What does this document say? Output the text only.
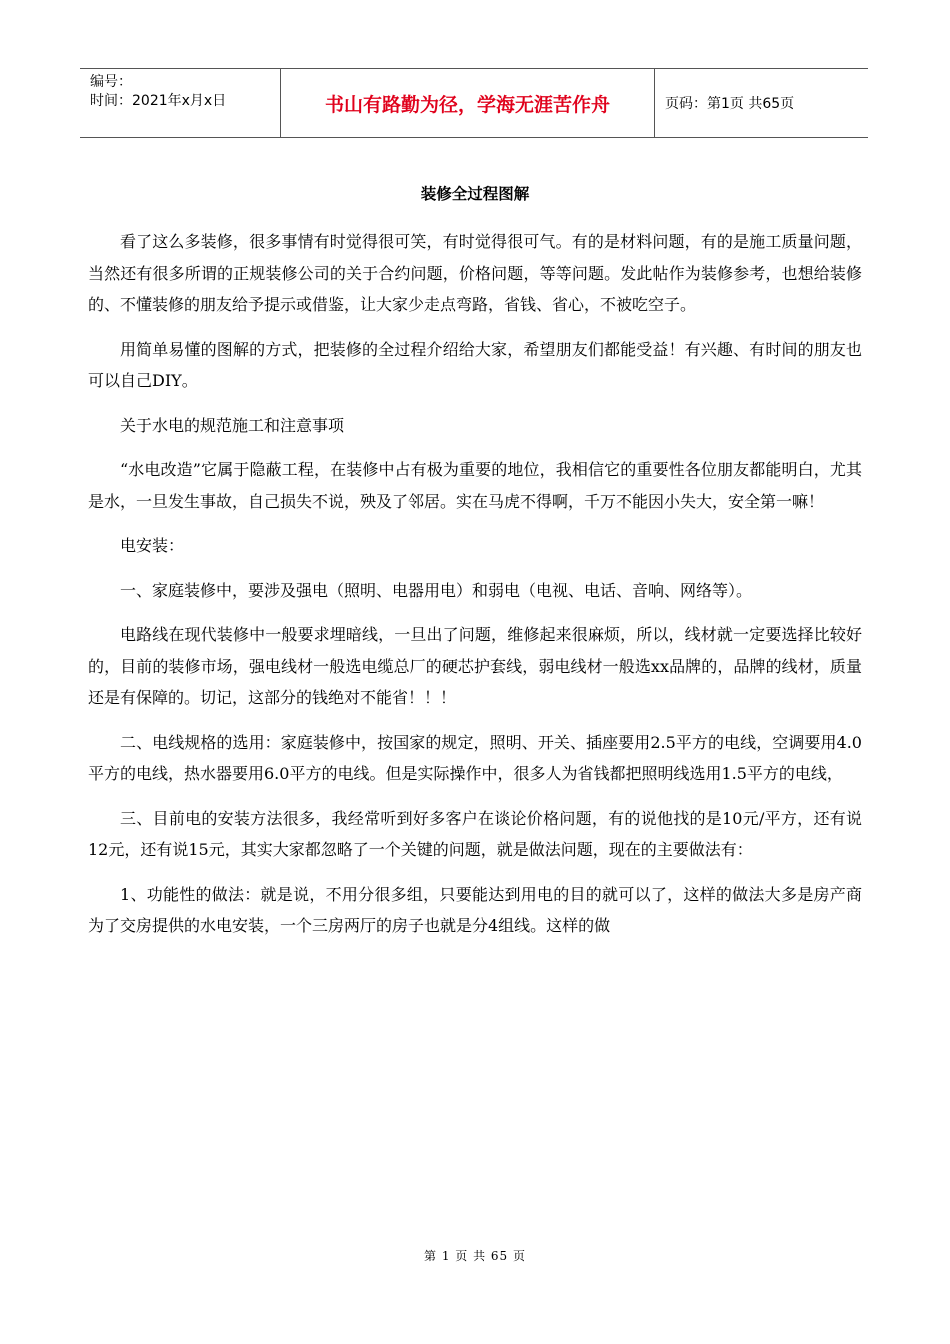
编号：
时间：2021年x月x日	书山有路勤为径，学海无涯苦作舟	页码：第1页 共65页
装修全过程图解

看了这么多装修，很多事情有时觉得很可笑，有时觉得很可气。有的是材料问题，有的是施工质量问题，当然还有很多所谓的正规装修公司的关于合约问题，价格问题，等等问题。发此帖作为装修参考，也想给装修的、不懂装修的朋友给予提示或借鉴，让大家少走点弯路，省钱、省心，不被吃空子。

用简单易懂的图解的方式，把装修的全过程介绍给大家，希望朋友们都能受益！有兴趣、有时间的朋友也可以自己DIY。

关于水电的规范施工和注意事项

“水电改造”它属于隐蔽工程，在装修中占有极为重要的地位，我相信它的重要性各位朋友都能明白，尤其是水，一旦发生事故，自己损失不说，殃及了邻居。实在马虎不得啊，千万不能因小失大，安全第一嘛！

电安装：

一、家庭装修中，要涉及强电（照明、电器用电）和弱电（电视、电话、音响、网络等）。

电路线在现代装修中一般要求埋暗线，一旦出了问题，维修起来很麻烦，所以，线材就一定要选择比较好的，目前的装修市场，强电线材一般选电缆总厂的硬芯护套线，弱电线材一般选xx品牌的，品牌的线材，质量还是有保障的。切记，这部分的钱绝对不能省！！！

二、电线规格的选用：家庭装修中，按国家的规定，照明、开关、插座要用2.5平方的电线，空调要用4.0平方的电线，热水器要用6.0平方的电线。但是实际操作中，很多人为省钱都把照明线选用1.5平方的电线，

三、目前电的安装方法很多，我经常听到好多客户在谈论价格问题，有的说他找的是10元/平方，还有说12元，还有说15元，其实大家都忽略了一个关键的问题，就是做法问题，现在的主要做法有：

1、功能性的做法：就是说，不用分很多组，只要能达到用电的目的就可以了，这样的做法大多是房产商为了交房提供的水电安装，一个三房两厅的房子也就是分4组线。这样的做

第 1 页 共 65 页
